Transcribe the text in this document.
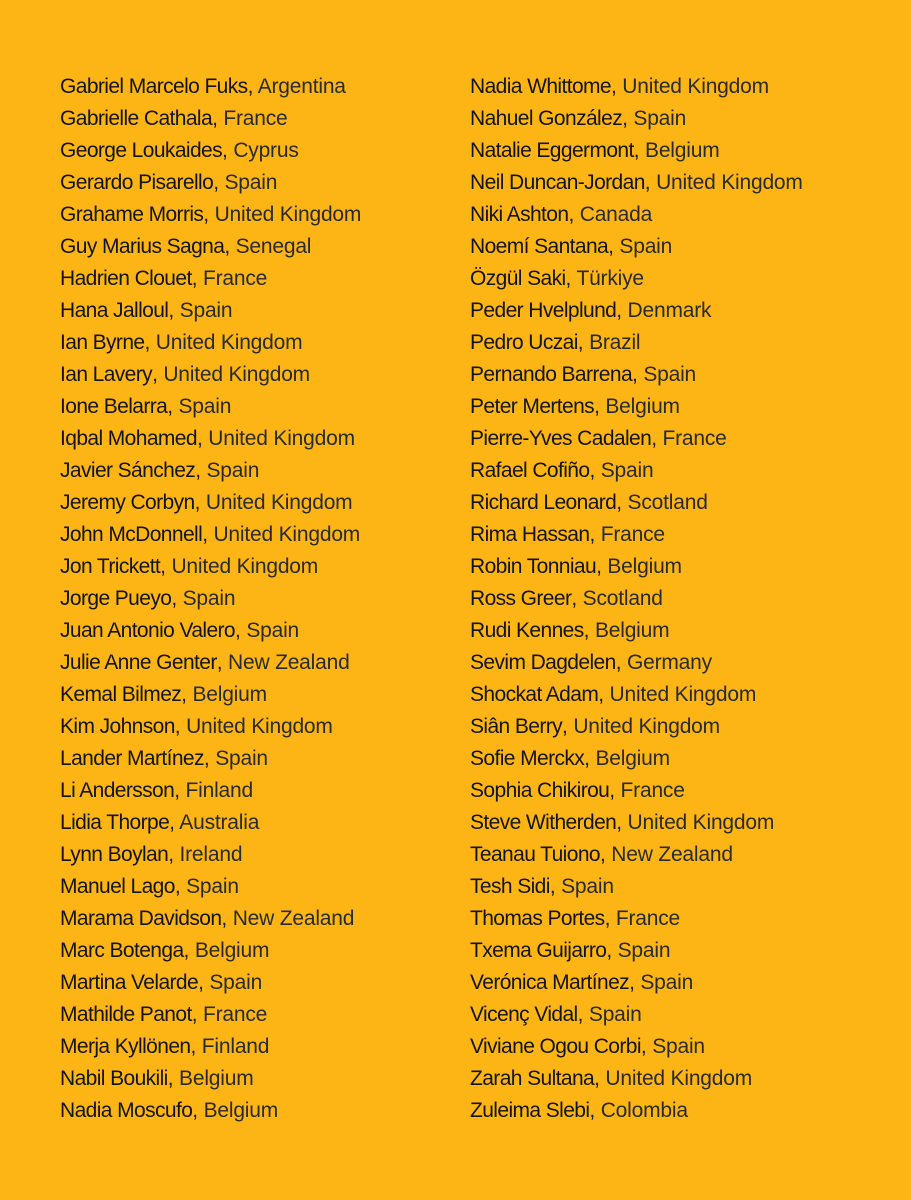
Gabriel Marcelo Fuks, Argentina
Gabrielle Cathala, France
George Loukaides, Cyprus
Gerardo Pisarello, Spain
Grahame Morris, United Kingdom
Guy Marius Sagna, Senegal
Hadrien Clouet, France
Hana Jalloul, Spain
Ian Byrne, United Kingdom
Ian Lavery, United Kingdom
Ione Belarra, Spain
Iqbal Mohamed, United Kingdom
Javier Sánchez, Spain
Jeremy Corbyn, United Kingdom
John McDonnell, United Kingdom
Jon Trickett, United Kingdom
Jorge Pueyo, Spain
Juan Antonio Valero, Spain
Julie Anne Genter, New Zealand
Kemal Bilmez, Belgium
Kim Johnson, United Kingdom
Lander Martínez, Spain
Li Andersson, Finland
Lidia Thorpe, Australia
Lynn Boylan, Ireland
Manuel Lago, Spain
Marama Davidson, New Zealand
Marc Botenga, Belgium
Martina Velarde, Spain
Mathilde Panot, France
Merja Kyllönen, Finland
Nabil Boukili, Belgium
Nadia Moscufo, Belgium
Nadia Whittome, United Kingdom
Nahuel González, Spain
Natalie Eggermont, Belgium
Neil Duncan-Jordan, United Kingdom
Niki Ashton, Canada
Noemí Santana, Spain
Özgül Saki, Türkiye
Peder Hvelplund, Denmark
Pedro Uczai, Brazil
Pernando Barrena, Spain
Peter Mertens, Belgium
Pierre-Yves Cadalen, France
Rafael Cofiño, Spain
Richard Leonard, Scotland
Rima Hassan, France
Robin Tonniau, Belgium
Ross Greer, Scotland
Rudi Kennes, Belgium
Sevim Dagdelen, Germany
Shockat Adam, United Kingdom
Siân Berry, United Kingdom
Sofie Merckx, Belgium
Sophia Chikirou, France
Steve Witherden, United Kingdom
Teanau Tuiono, New Zealand
Tesh Sidi, Spain
Thomas Portes, France
Txema Guijarro, Spain
Verónica Martínez, Spain
Vicenç Vidal, Spain
Viviane Ogou Corbi, Spain
Zarah Sultana, United Kingdom
Zuleima Slebi, Colombia
